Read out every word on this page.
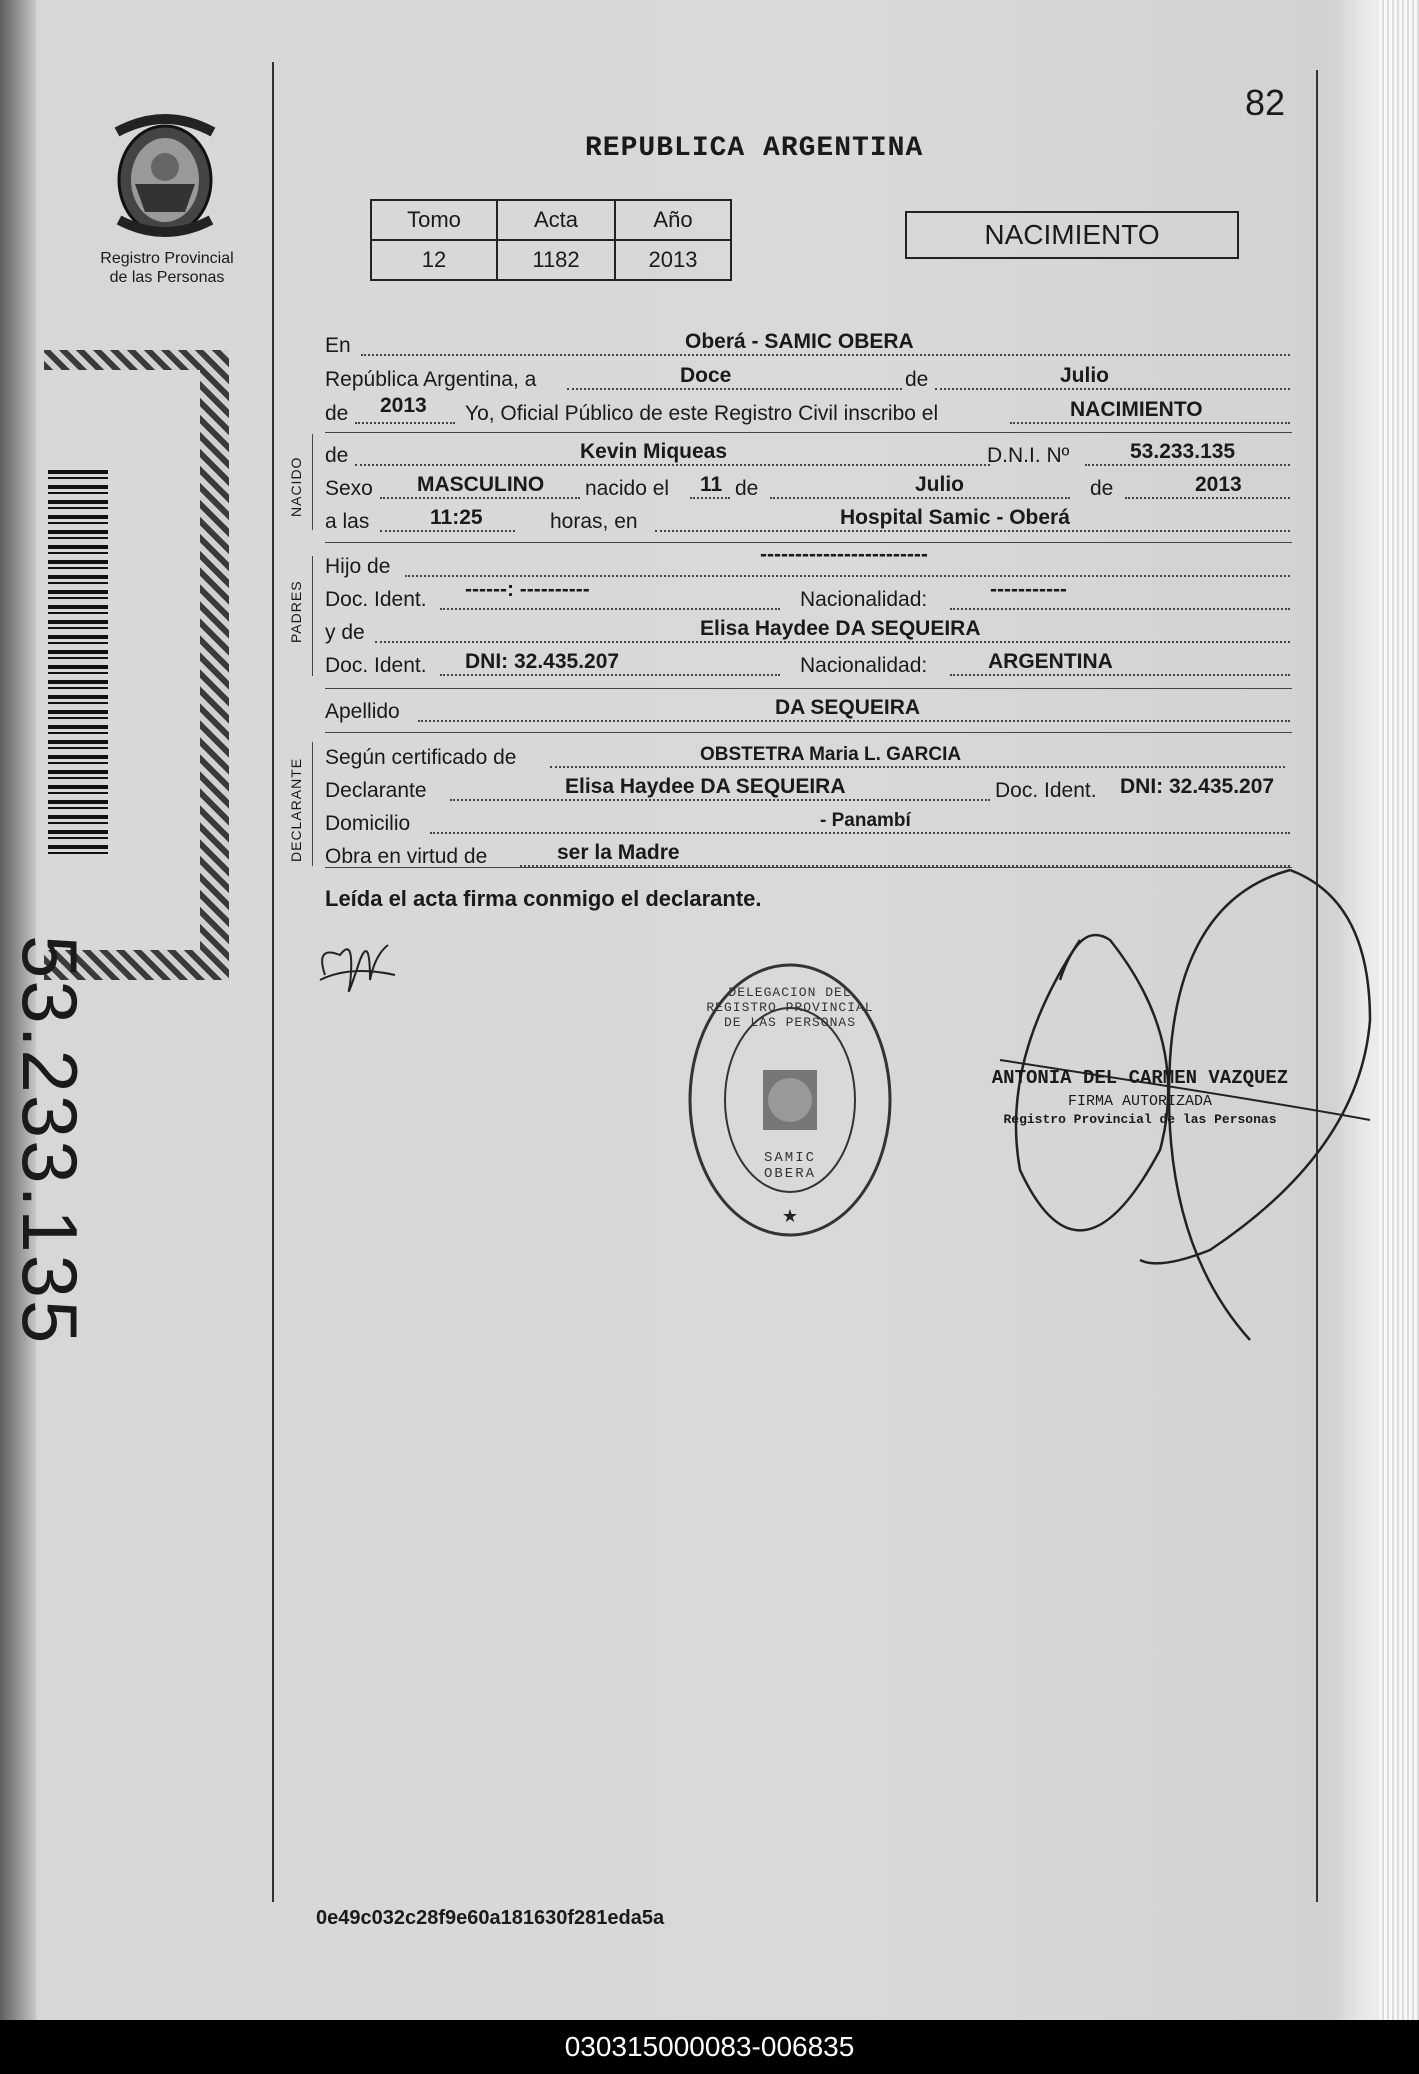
Registro Provincial
de las Personas
53.233.135
REPUBLICA ARGENTINA
82
Tomo	Acta	Año
12	1182	2013
NACIMIENTO
En	Oberá - SAMIC OBERA
República Argentina, a	Doce	de	Julio
de 2013 Yo, Oficial Público de este Registro Civil inscribo el	NACIMIENTO
NACIDO
de	Kevin Miqueas	D.N.I. Nº	53.233.135
Sexo MASCULINO nacido el 11 de	Julio	de	2013
a las	11:25	horas, en	Hospital Samic - Oberá
PADRES
Hijo de
------------------------
Doc. Ident. ------: ----------	Nacionalidad:	-----------
y de	Elisa Haydee DA SEQUEIRA
Doc. Ident. DNI: 32.435.207	Nacionalidad:	ARGENTINA
Apellido	DA SEQUEIRA
DECLARANTE
Según certificado de	OBSTETRA Maria L. GARCIA
Declarante	Elisa Haydee DA SEQUEIRA	Doc. Ident. DNI: 32.435.207
Domicilio	- Panambí
Obra en virtud de	ser la Madre
Leída el acta firma conmigo el declarante.
★
DELEGACION DEL REGISTRO PROVINCIAL DE LAS PERSONAS
SAMIC OBERA
ANTONIA DEL CARMEN VAZQUEZ
FIRMA AUTORIZADA
Registro Provincial de las Personas
0e49c032c28f9e60a181630f281eda5a
030315000083-006835
